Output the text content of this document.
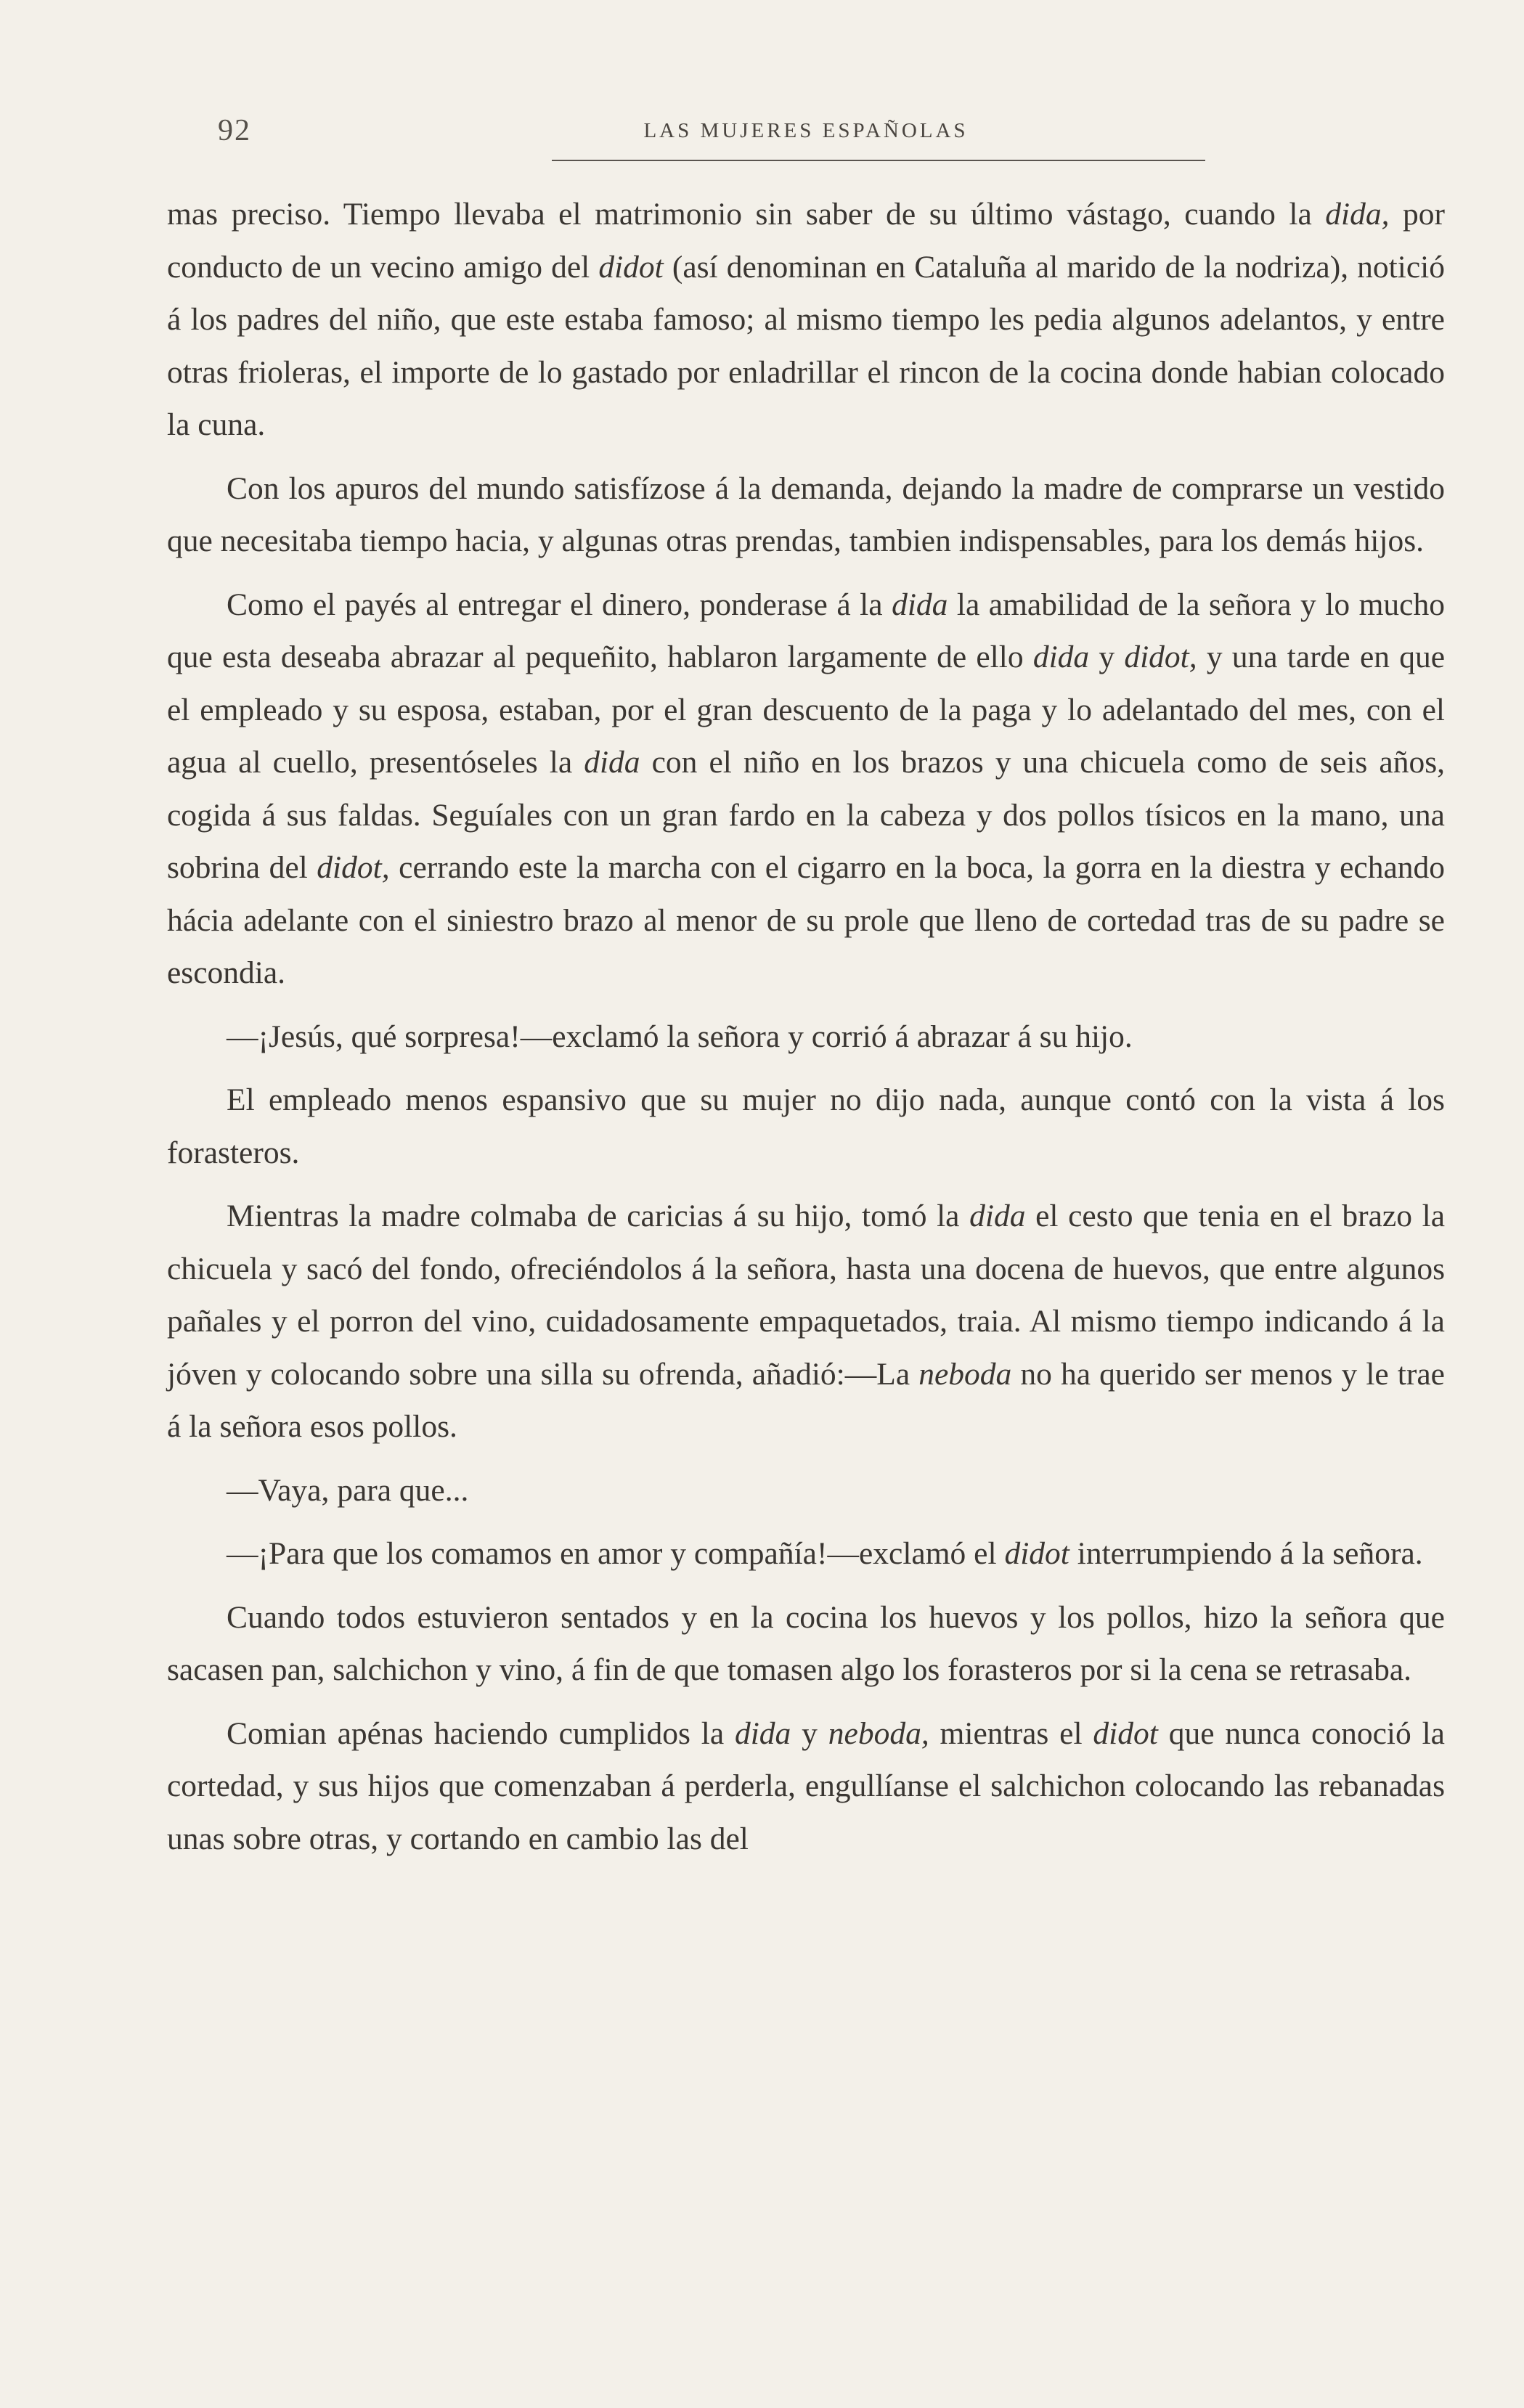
92	LAS MUJERES ESPAÑOLAS

mas preciso. Tiempo llevaba el matrimonio sin saber de su último vástago, cuando la dida, por conducto de un vecino amigo del didot (así denominan en Cataluña al marido de la nodriza), notició á los padres del niño, que este estaba famoso; al mismo tiempo les pedia algunos adelantos, y entre otras frioleras, el importe de lo gastado por enladrillar el rincon de la cocina donde habian colocado la cuna.

Con los apuros del mundo satisfízose á la demanda, dejando la madre de comprarse un vestido que necesitaba tiempo hacia, y algunas otras prendas, tambien indispensables, para los demás hijos.

Como el payés al entregar el dinero, ponderase á la dida la amabilidad de la señora y lo mucho que esta deseaba abrazar al pequeñito, hablaron largamente de ello dida y didot, y una tarde en que el empleado y su esposa, estaban, por el gran descuento de la paga y lo adelantado del mes, con el agua al cuello, presentóseles la dida con el niño en los brazos y una chicuela como de seis años, cogida á sus faldas. Seguíales con un gran fardo en la cabeza y dos pollos tísicos en la mano, una sobrina del didot, cerrando este la marcha con el cigarro en la boca, la gorra en la diestra y echando hácia adelante con el siniestro brazo al menor de su prole que lleno de cortedad tras de su padre se escondia.

—¡Jesús, qué sorpresa!—exclamó la señora y corrió á abrazar á su hijo.

El empleado menos espansivo que su mujer no dijo nada, aunque contó con la vista á los forasteros.

Mientras la madre colmaba de caricias á su hijo, tomó la dida el cesto que tenia en el brazo la chicuela y sacó del fondo, ofreciéndolos á la señora, hasta una docena de huevos, que entre algunos pañales y el porron del vino, cuidadosamente empaquetados, traia. Al mismo tiempo indicando á la jóven y colocando sobre una silla su ofrenda, añadió:—La neboda no ha querido ser menos y le trae á la señora esos pollos.

—Vaya, para que...

—¡Para que los comamos en amor y compañía!—exclamó el didot interrumpiendo á la señora.

Cuando todos estuvieron sentados y en la cocina los huevos y los pollos, hizo la señora que sacasen pan, salchichon y vino, á fin de que tomasen algo los forasteros por si la cena se retrasaba.

Comian apénas haciendo cumplidos la dida y neboda, mientras el didot que nunca conoció la cortedad, y sus hijos que comenzaban á perderla, engullíanse el salchichon colocando las rebanadas unas sobre otras, y cortando en cambio las del
